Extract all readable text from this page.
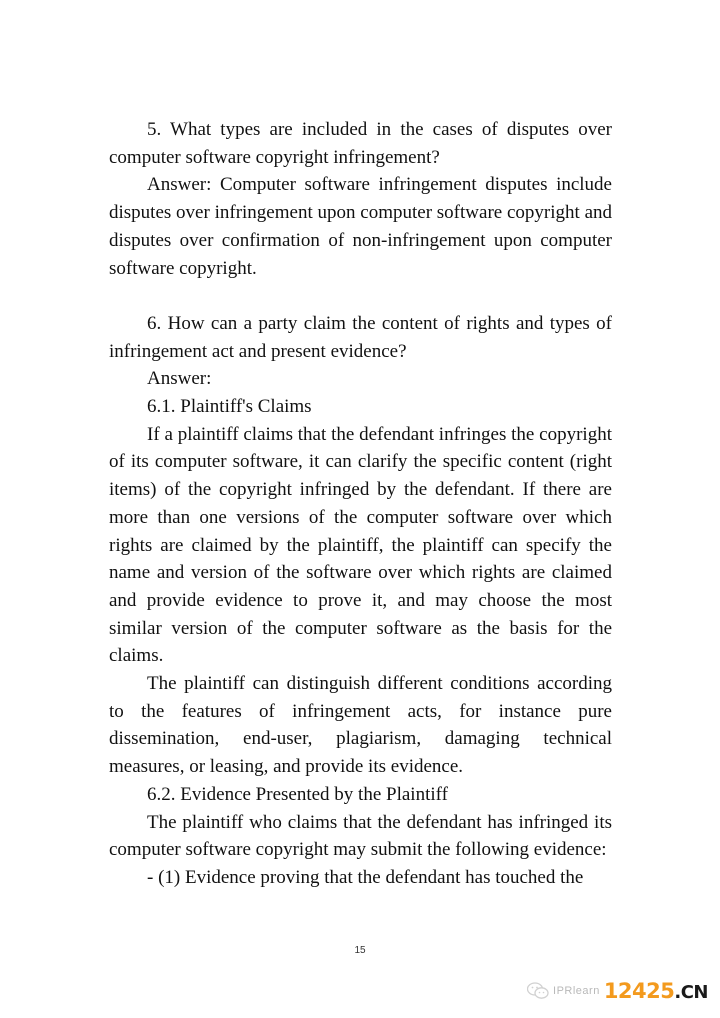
5. What types are included in the cases of disputes over computer software copyright infringement?

Answer: Computer software infringement disputes include disputes over infringement upon computer software copyright and disputes over confirmation of non-infringement upon computer software copyright.

6. How can a party claim the content of rights and types of infringement act and present evidence?

Answer:

6.1. Plaintiff's Claims

If a plaintiff claims that the defendant infringes the copyright of its computer software, it can clarify the specific content (right items) of the copyright infringed by the defendant. If there are more than one versions of the computer software over which rights are claimed by the plaintiff, the plaintiff can specify the name and version of the software over which rights are claimed and provide evidence to prove it, and may choose the most similar version of the computer software as the basis for the claims.

The plaintiff can distinguish different conditions according to the features of infringement acts, for instance pure dissemination, end-user, plagiarism, damaging technical measures, or leasing, and provide its evidence.

6.2. Evidence Presented by the Plaintiff

The plaintiff who claims that the defendant has infringed its computer software copyright may submit the following evidence:

- (1) Evidence proving that the defendant has touched the

15
IPRlearn 12425 .CN
